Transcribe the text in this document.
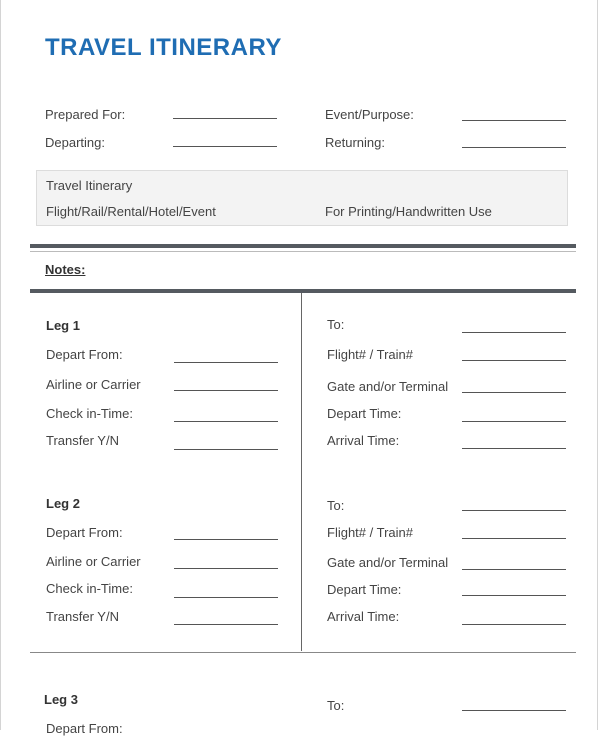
TRAVEL ITINERARY
Prepared For:	Event/Purpose:
Departing:	Returning:
Travel Itinerary
Flight/Rail/Rental/Hotel/Event	For Printing/Handwritten Use
Notes:
Leg 1
Depart From:
Airline or Carrier
Check in-Time:
Transfer Y/N
To:
Flight# / Train#
Gate and/or Terminal
Depart Time:
Arrival Time:
Leg 2
Depart From:
Airline or Carrier
Check in-Time:
Transfer Y/N
To:
Flight# / Train#
Gate and/or Terminal
Depart Time:
Arrival Time:
Leg 3
Depart From:
To:
